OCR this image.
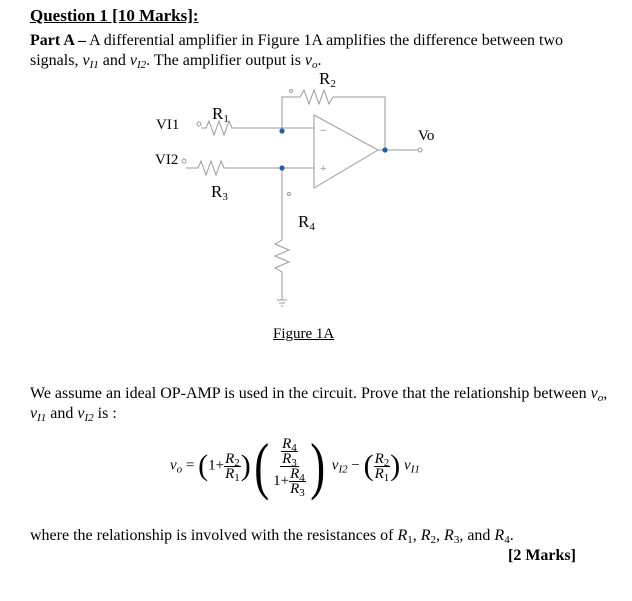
Question 1 [10 Marks]:
Part A – A differential amplifier in Figure 1A amplifies the difference between two signals, $v_{I1}$ and $v_{I2}$. The amplifier output is $v_o$.
−
+
$R_1$
$R_2$
$R_3$
$R_4$
VI1
VI2
Vo
Figure 1A
We assume an ideal OP-AMP is used in the circuit. Prove that the relationship between $v_o$, $v_{I1}$ and $v_{I2}$ is :
$v_o = (1+ \frac{R_2}{R_1}$ )( $\frac{\frac{R_4}{R_3}}{1+ \frac{R_4}{R_3}}$ ) $v_{I2}$ − ( $\frac{R_2}{R_1}$ ) $v_{I1}$
where the relationship is involved with the resistances of $R_1$, $R_2$, $R_3$, and $R_4$.
[2 Marks]
